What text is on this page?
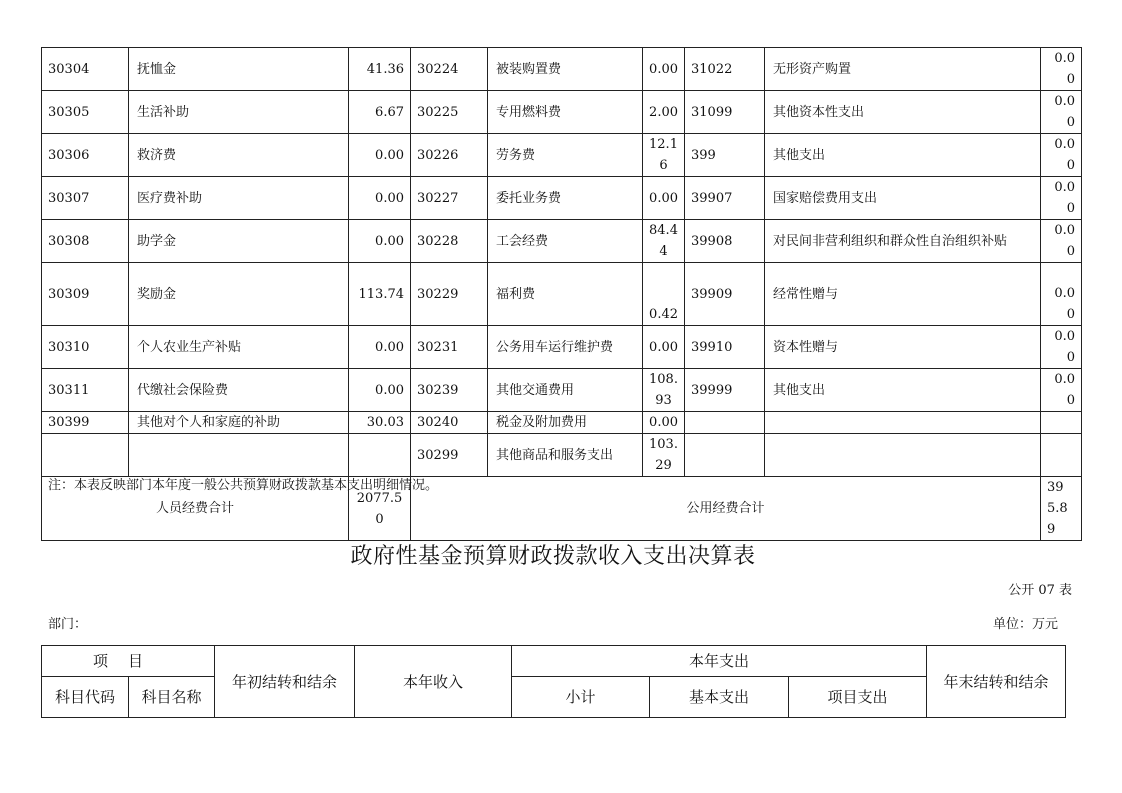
30304	抚恤金	41.36	30224	被装购置费	0.00	31022	无形资产购置	0.00
30305	生活补助	6.67	30225	专用燃料费	2.00	31099	其他资本性支出	0.00
30306	救济费	0.00	30226	劳务费	12.16	399	其他支出	0.00
30307	医疗费补助	0.00	30227	委托业务费	0.00	39907	国家赔偿费用支出	0.00
30308	助学金	0.00	30228	工会经费	84.44	39908	对民间非营利组织和群众性自治组织补贴	0.00
30309	奖励金	113.74	30229	福利费	0.42	39909	经常性赠与	0.00
30310	个人农业生产补贴	0.00	30231	公务用车运行维护费	0.00	39910	资本性赠与	0.00
30311	代缴社会保险费	0.00	30239	其他交通费用	108.93	39999	其他支出	0.00
30399	其他对个人和家庭的补助	30.03	30240	税金及附加费用	0.00			
			30299	其他商品和服务支出	103.29			
人员经费合计		2077.50	公用经费合计					395.89
注：本表反映部门本年度一般公共预算财政拨款基本支出明细情况。
政府性基金预算财政拨款收入支出决算表
公开 07 表
部门：	单位：万元
项目		年初结转和结余	本年收入	本年支出			年末结转和结余
科目代码	科目名称			小计	基本支出	项目支出	
